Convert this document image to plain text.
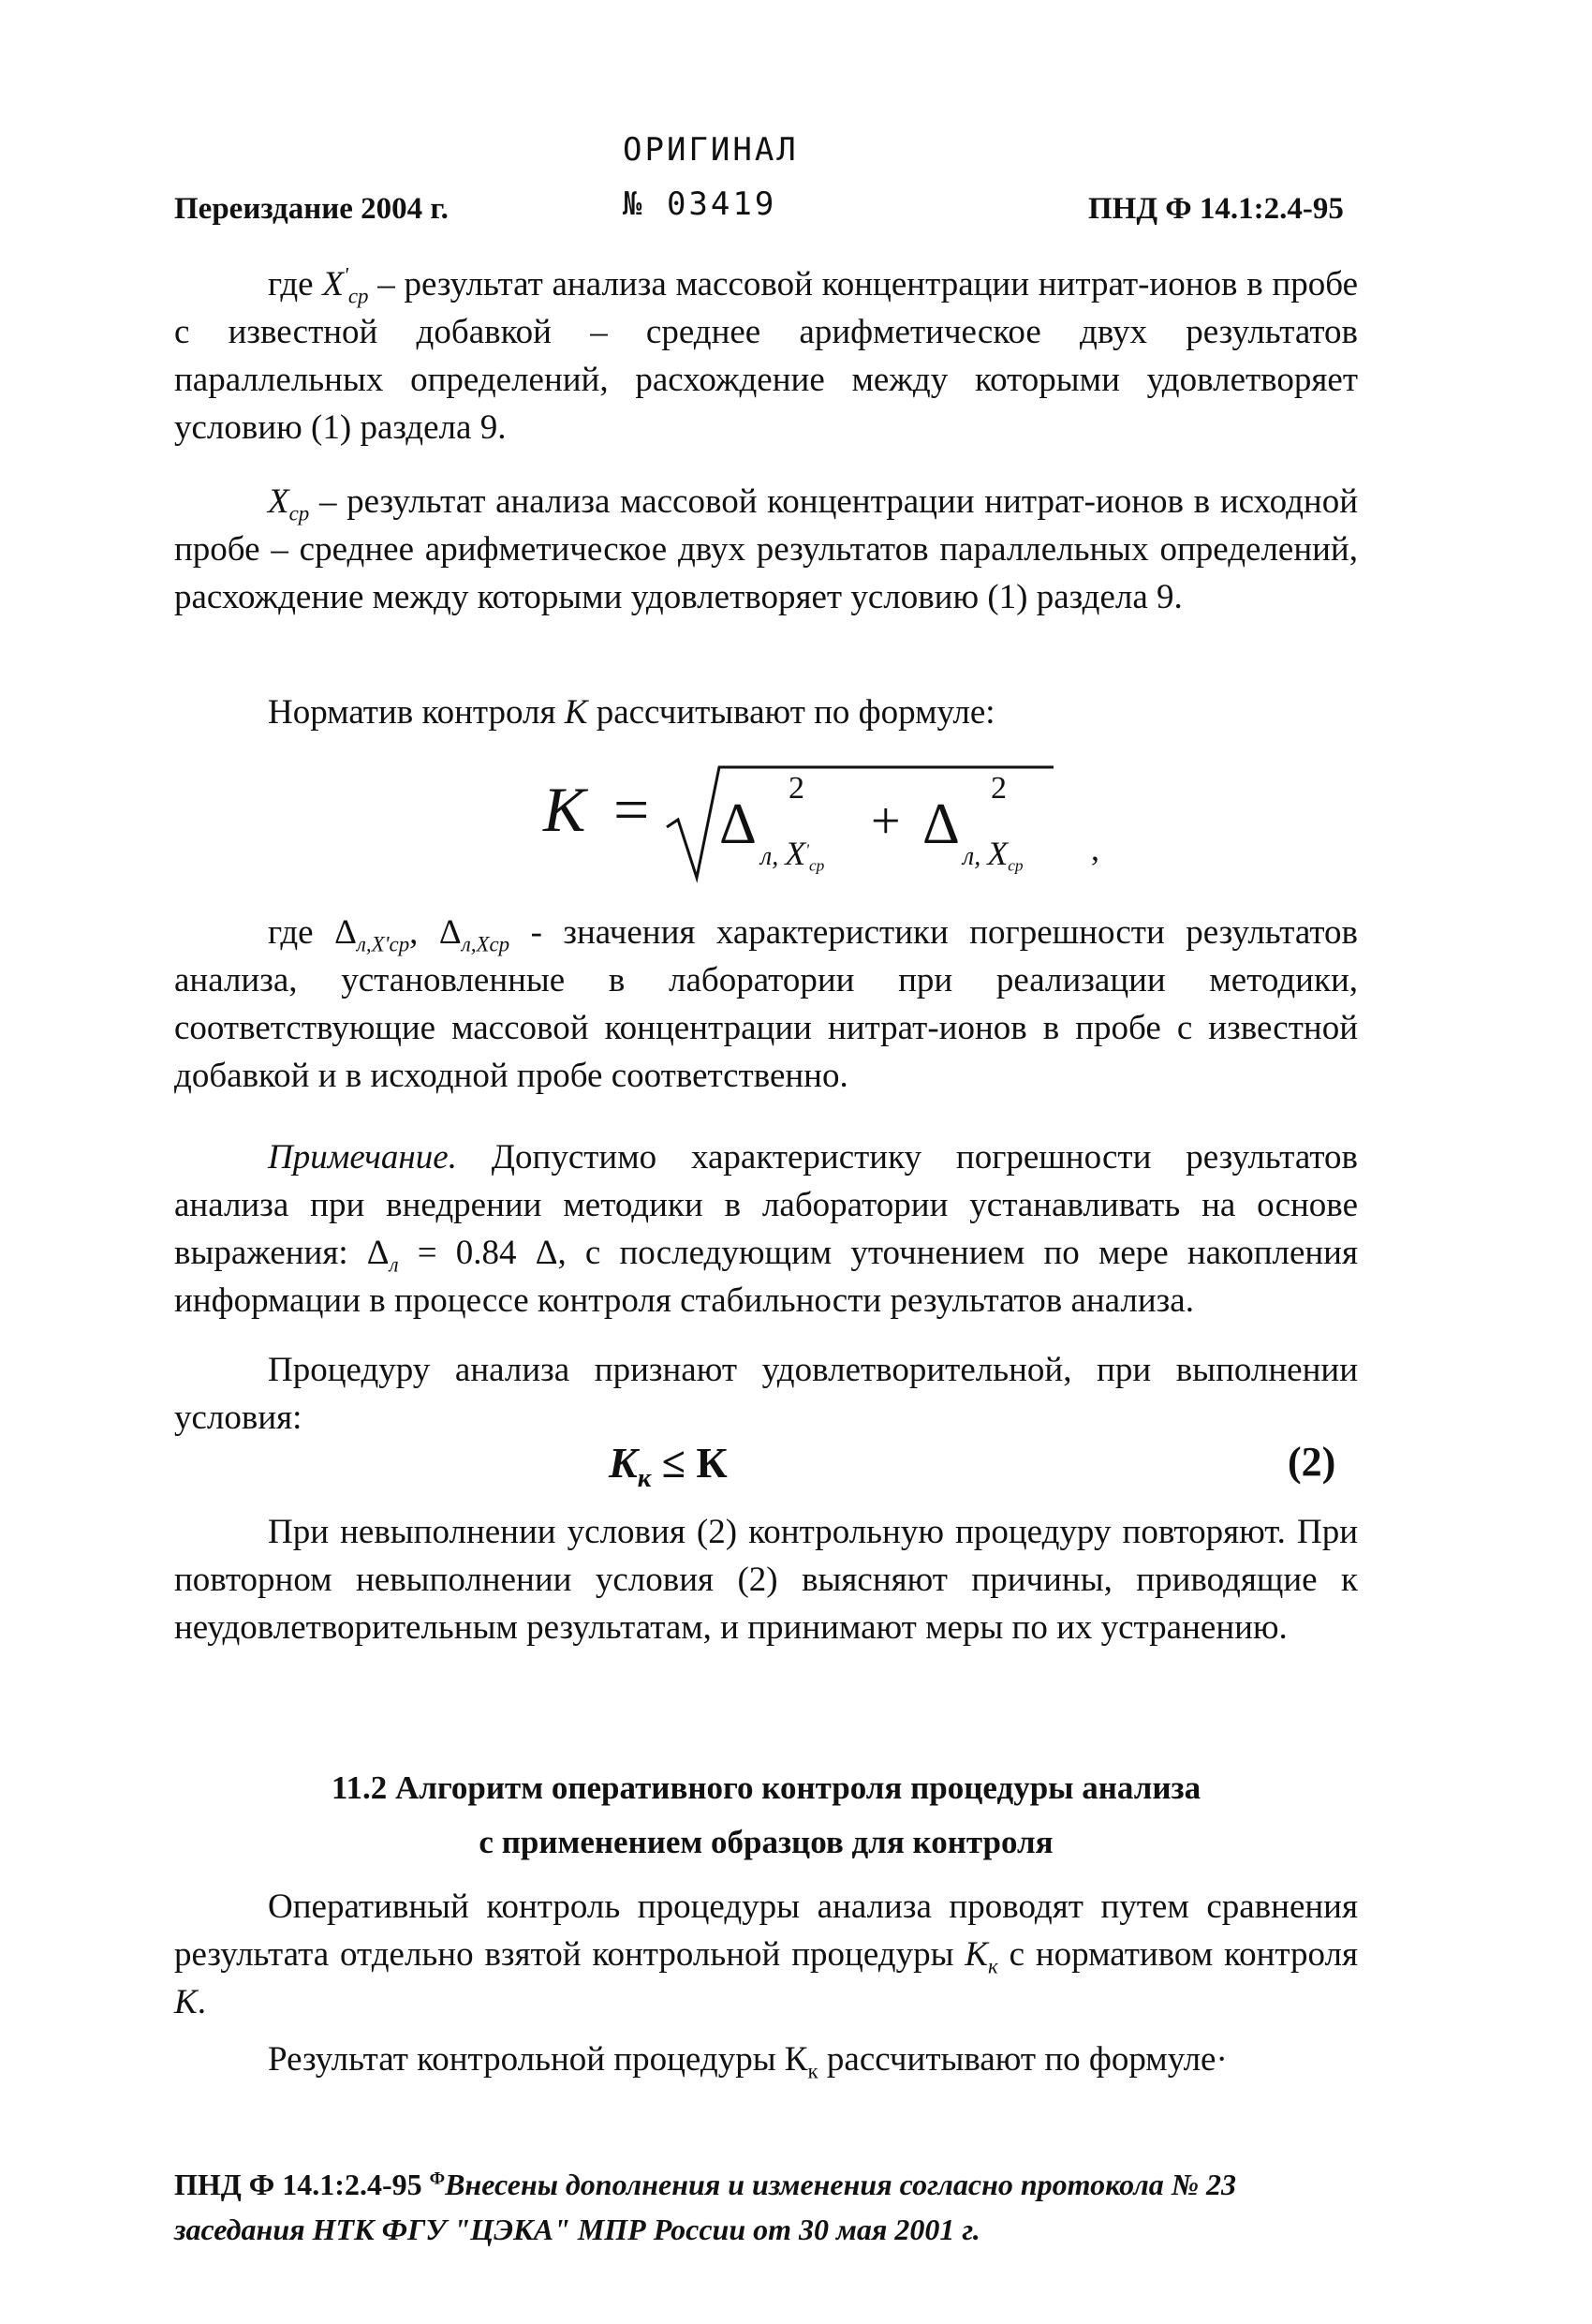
ОРИГИНАЛ
Переиздание 2004 г.	№ 03419	ПНД Ф 14.1:2.4-95
где $X'_{ср}$ – результат анализа массовой концентрации нитрат-ионов в пробе с известной добавкой – среднее арифметическое двух результатов параллельных определений, расхождение между которыми удовлетворяет условию (1) раздела 9.
$X_{ср}$ – результат анализа массовой концентрации нитрат-ионов в исходной пробе – среднее арифметическое двух результатов параллельных определений, расхождение между которыми удовлетворяет условию (1) раздела 9.
Норматив контроля K рассчитывают по формуле:
K = Δ
2
л, $X'_{ср}$
+ Δ
2
л, $X_{ср}$ ,
где $\Delta_{л,X'ср}$, $\Delta_{л,Xср}$ - значения характеристики погрешности результатов анализа, установленные в лаборатории при реализации методики, соответствующие массовой концентрации нитрат-ионов в пробе с известной добавкой и в исходной пробе соответственно.
Примечание. Допустимо характеристику погрешности результатов анализа при внедрении методики в лаборатории устанавливать на основе выражения: $\Delta_л = 0.84$ Δ, с последующим уточнением по мере накопления информации в процессе контроля стабильности результатов анализа.
Процедуру анализа признают удовлетворительной, при выполнении условия:
$K_к \le К$	(2)
При невыполнении условия (2) контрольную процедуру повторяют. При повторном невыполнении условия (2) выясняют причины, приводящие к неудовлетворительным результатам, и принимают меры по их устранению.
11.2 Алгоритм оперативного контроля процедуры анализа
с применением образцов для контроля
Оперативный контроль процедуры анализа проводят путем сравнения результата отдельно взятой контрольной процедуры $K_к$ с нормативом контроля K.
Результат контрольной процедуры $К_к$ рассчитывают по формуле·
ПНД Ф 14.1:2.4-95 $^Ф$Внесены дополнения и изменения согласно протокола № 23
заседания НТК ФГУ "ЦЭКА" МПР России от 30 мая 2001 г.
